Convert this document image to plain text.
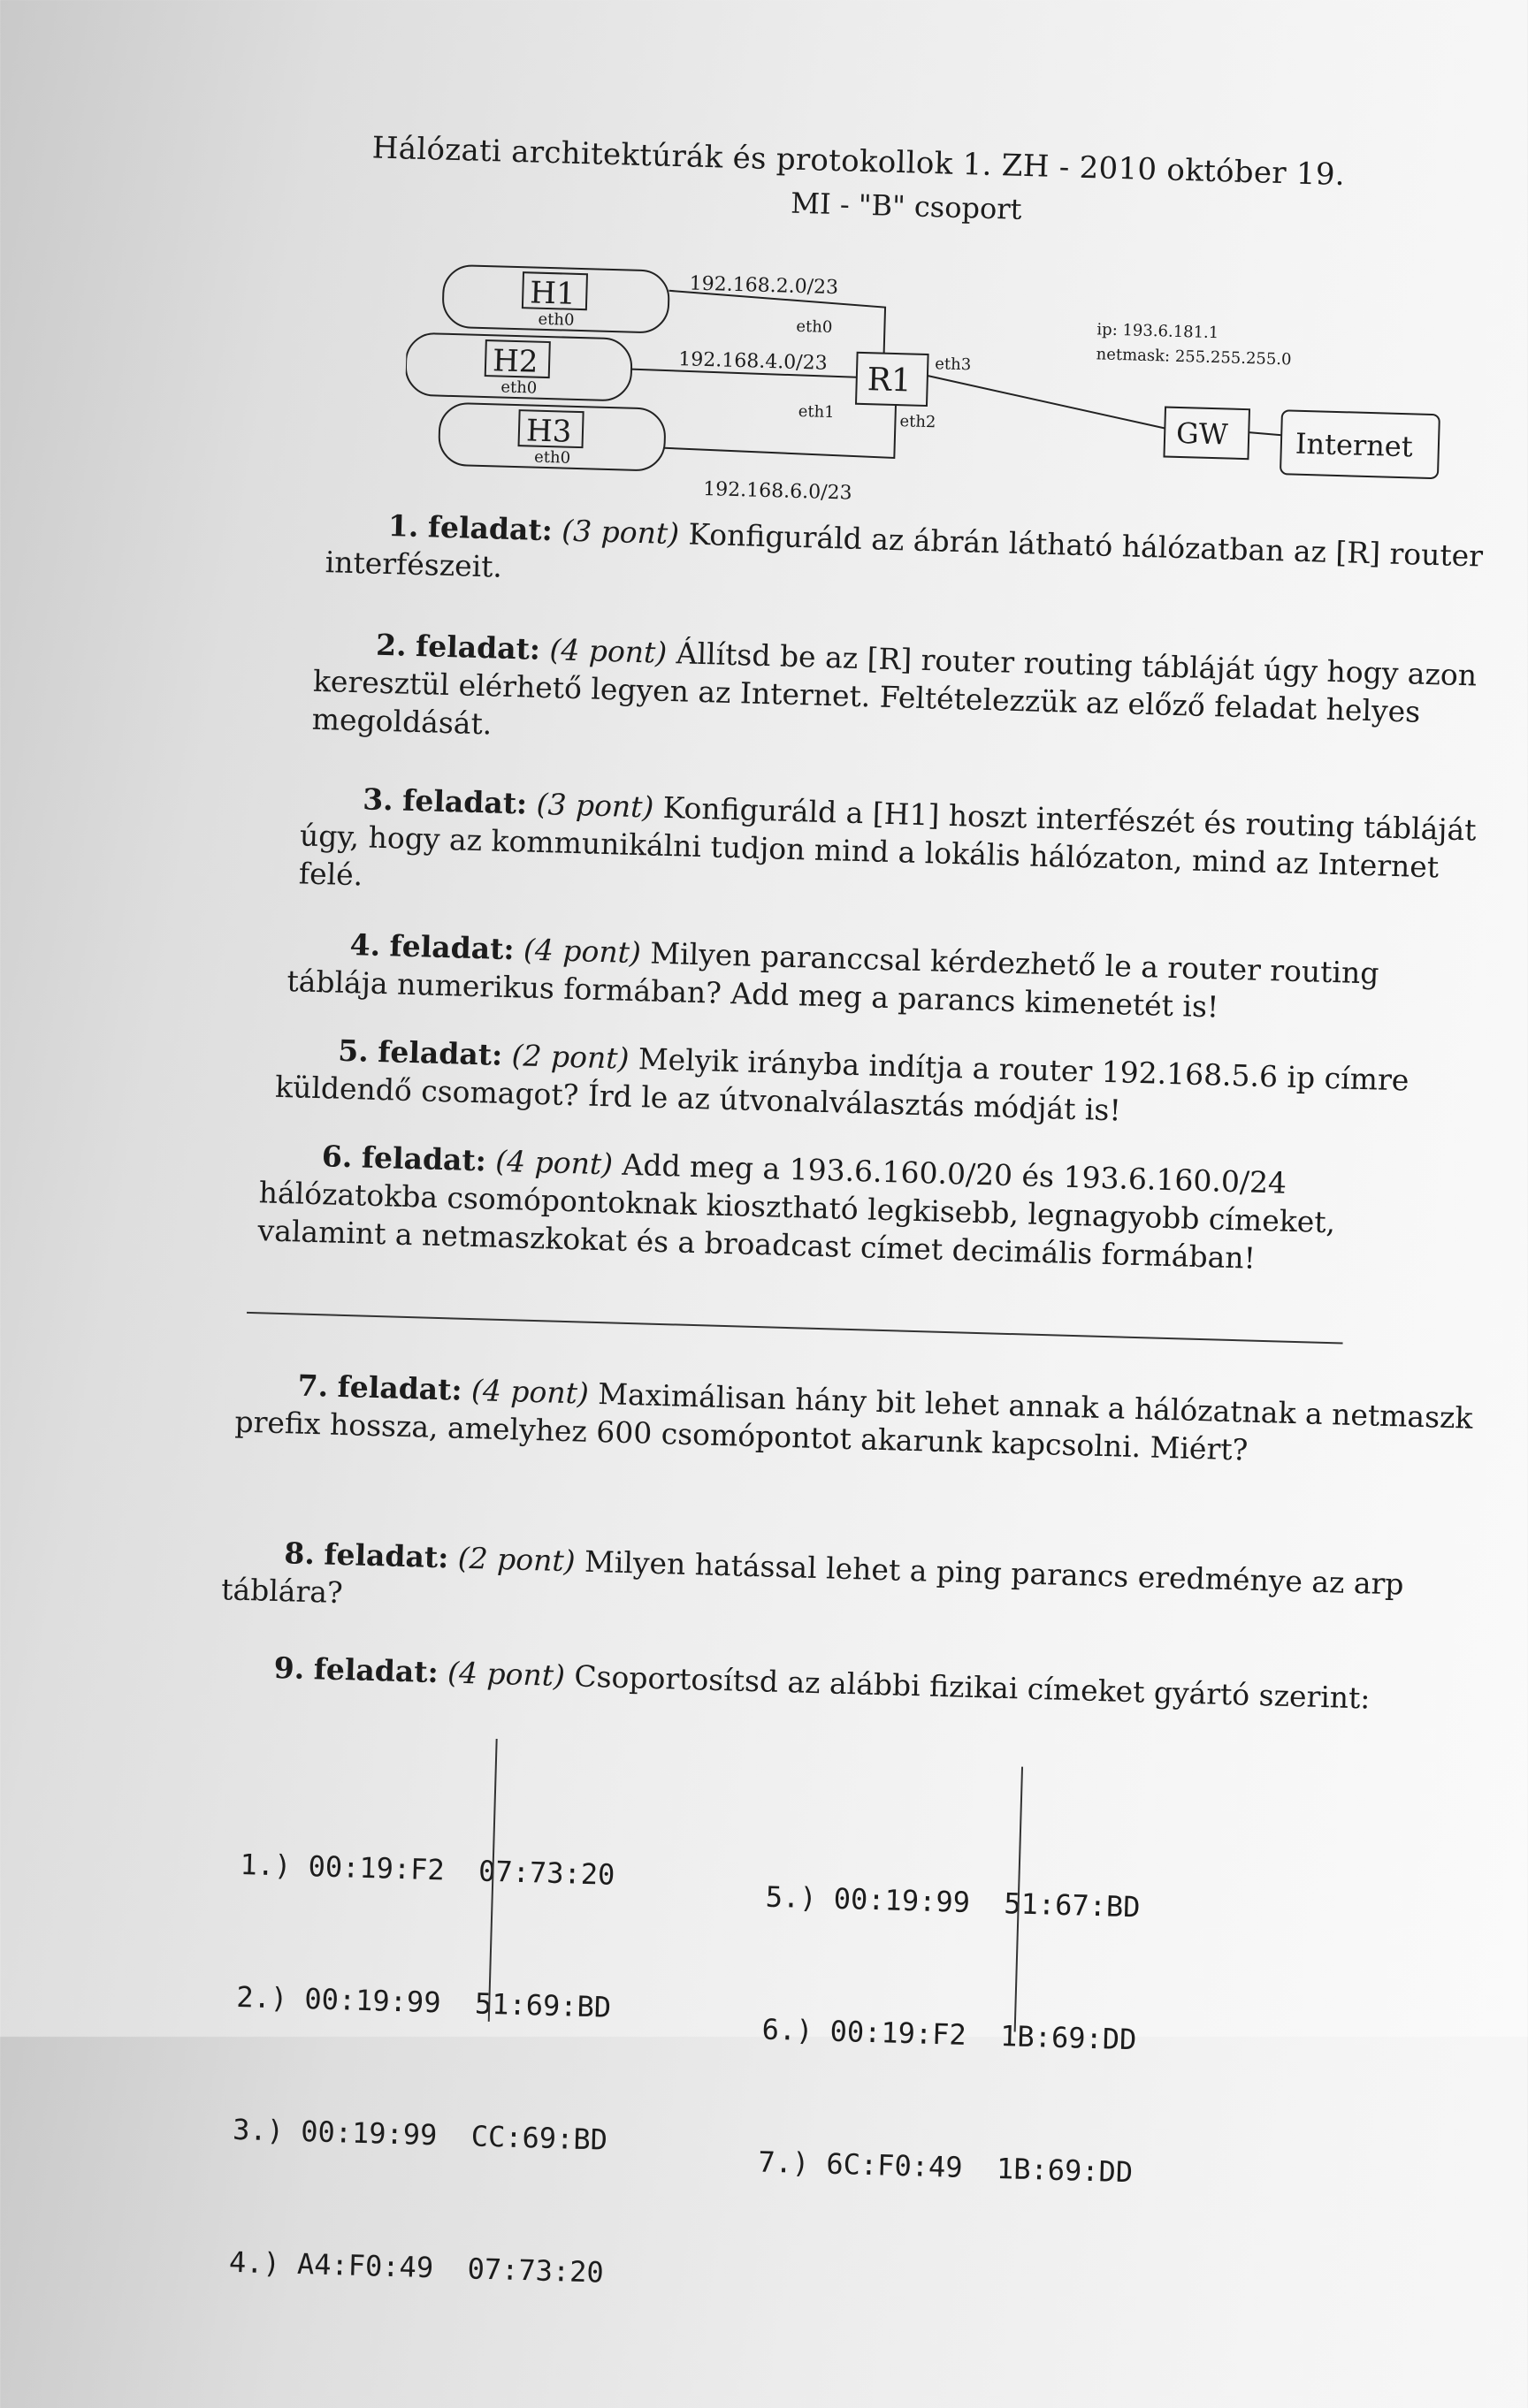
Hálózati architektúrák és protokollok 1. ZH - 2010 október 19.
MI - "B" csoport
H1
eth0
H2
eth0
H3
eth0
192.168.2.0/23
192.168.4.0/23
192.168.6.0/23
eth0
eth1
eth2
eth3
R1
ip: 193.6.181.1
netmask: 255.255.255.0
GW Internet
1. feladat: (3 pont) Konfiguráld az ábrán látható hálózatban az [R] router interfészeit.
2. feladat: (4 pont) Állítsd be az [R] router routing tábláját úgy hogy azon keresztül elérhető legyen az Internet. Feltételezzük az előző feladat helyes megoldását.
3. feladat: (3 pont) Konfiguráld a [H1] hoszt interfészét és routing tábláját úgy, hogy az kommunikálni tudjon mind a lokális hálózaton, mind az Internet felé.
4. feladat: (4 pont) Milyen paranccsal kérdezhető le a router routing táblája numerikus formában? Add meg a parancs kimenetét is!
5. feladat: (2 pont) Melyik irányba indítja a router 192.168.5.6 ip címre küldendő csomagot? Írd le az útvonalválasztás módját is!
6. feladat: (4 pont) Add meg a 193.6.160.0/20 és 193.6.160.0/24 hálózatokba csomópontoknak kiosztható legkisebb, legnagyobb címeket, valamint a netmaszkokat és a broadcast címet decimális formában!
7. feladat: (4 pont) Maximálisan hány bit lehet annak a hálózatnak a netmaszk prefix hossza, amelyhez 600 csomópontot akarunk kapcsolni. Miért?
8. feladat: (2 pont) Milyen hatással lehet a ping parancs eredménye az arp táblára?
9. feladat: (4 pont) Csoportosítsd az alábbi fizikai címeket gyártó szerint:

1.) 00:19:F2 07:73:20

2.) 00:19:99 51:69:BD

3.) 00:19:99 CC:69:BD

4.) A4:F0:49 07:73:20

5.) 00:19:99 51:67:BD

6.) 00:19:F2 1B:69:DD

7.) 6C:F0:49 1B:69:DD
